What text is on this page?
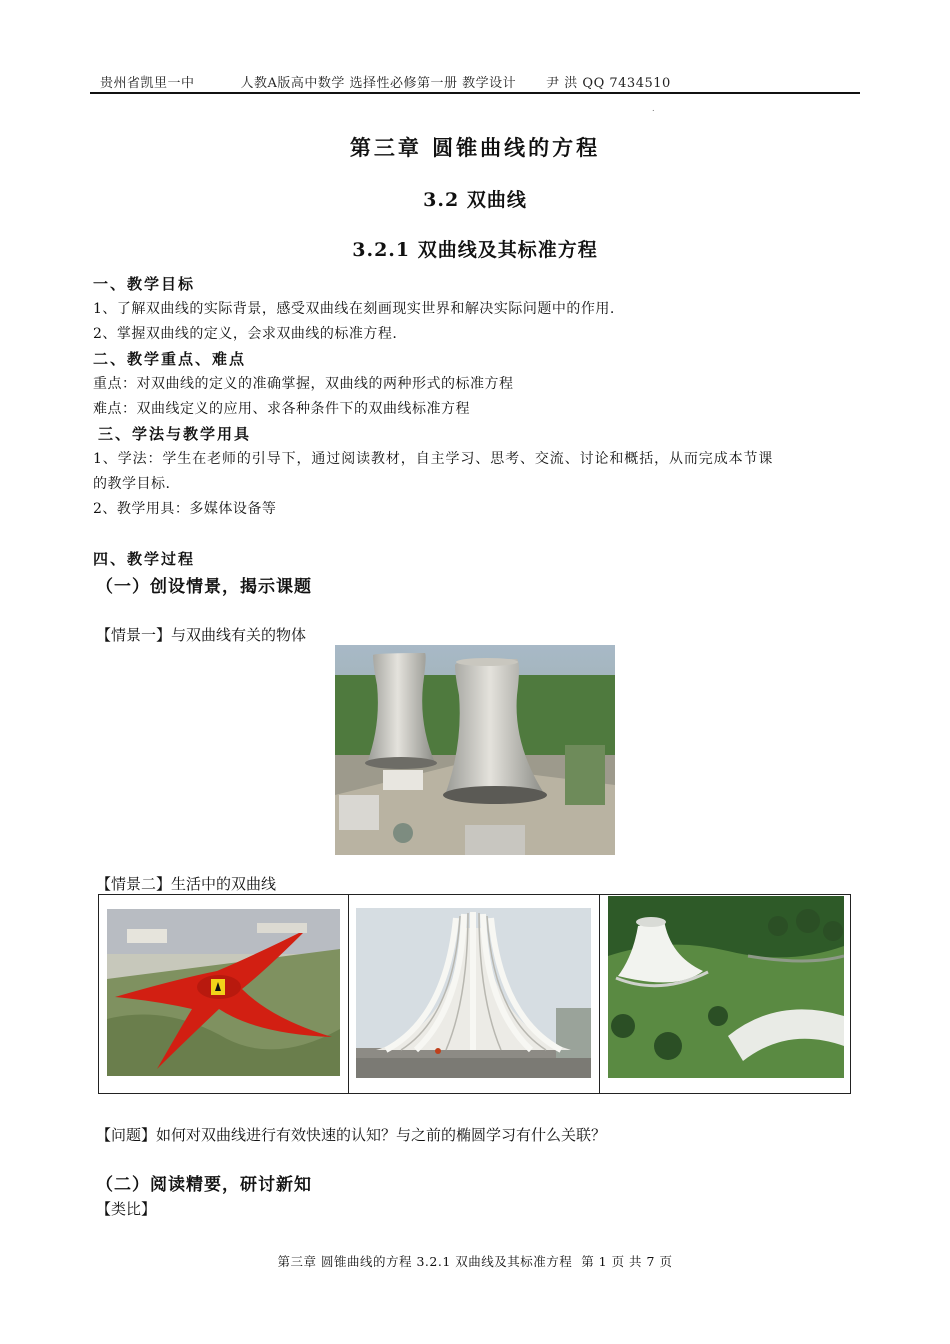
贵州省凯里一中	人教A版高中数学 选择性必修第一册 教学设计 尹 洪 QQ 7434510
.
第三章 圆锥曲线的方程
3.2 双曲线
3.2.1 双曲线及其标准方程
一、教学目标
1、了解双曲线的实际背景，感受双曲线在刻画现实世界和解决实际问题中的作用.
2、掌握双曲线的定义，会求双曲线的标准方程.
二、教学重点、难点
重点：对双曲线的定义的准确掌握，双曲线的两种形式的标准方程
难点：双曲线定义的应用、求各种条件下的双曲线标准方程
三、学法与教学用具
1、学法：学生在老师的引导下，通过阅读教材，自主学习、思考、交流、讨论和概括，从而完成本节课
的教学目标.
2、教学用具：多媒体设备等
四、教学过程
（一）创设情景，揭示课题
【情景一】与双曲线有关的物体
【情景二】生活中的双曲线
【问题】如何对双曲线进行有效快速的认知？与之前的椭圆学习有什么关联？
（二）阅读精要，研讨新知
【类比】
第三章 圆锥曲线的方程 3.2.1 双曲线及其标准方程  第 1 页 共 7 页
